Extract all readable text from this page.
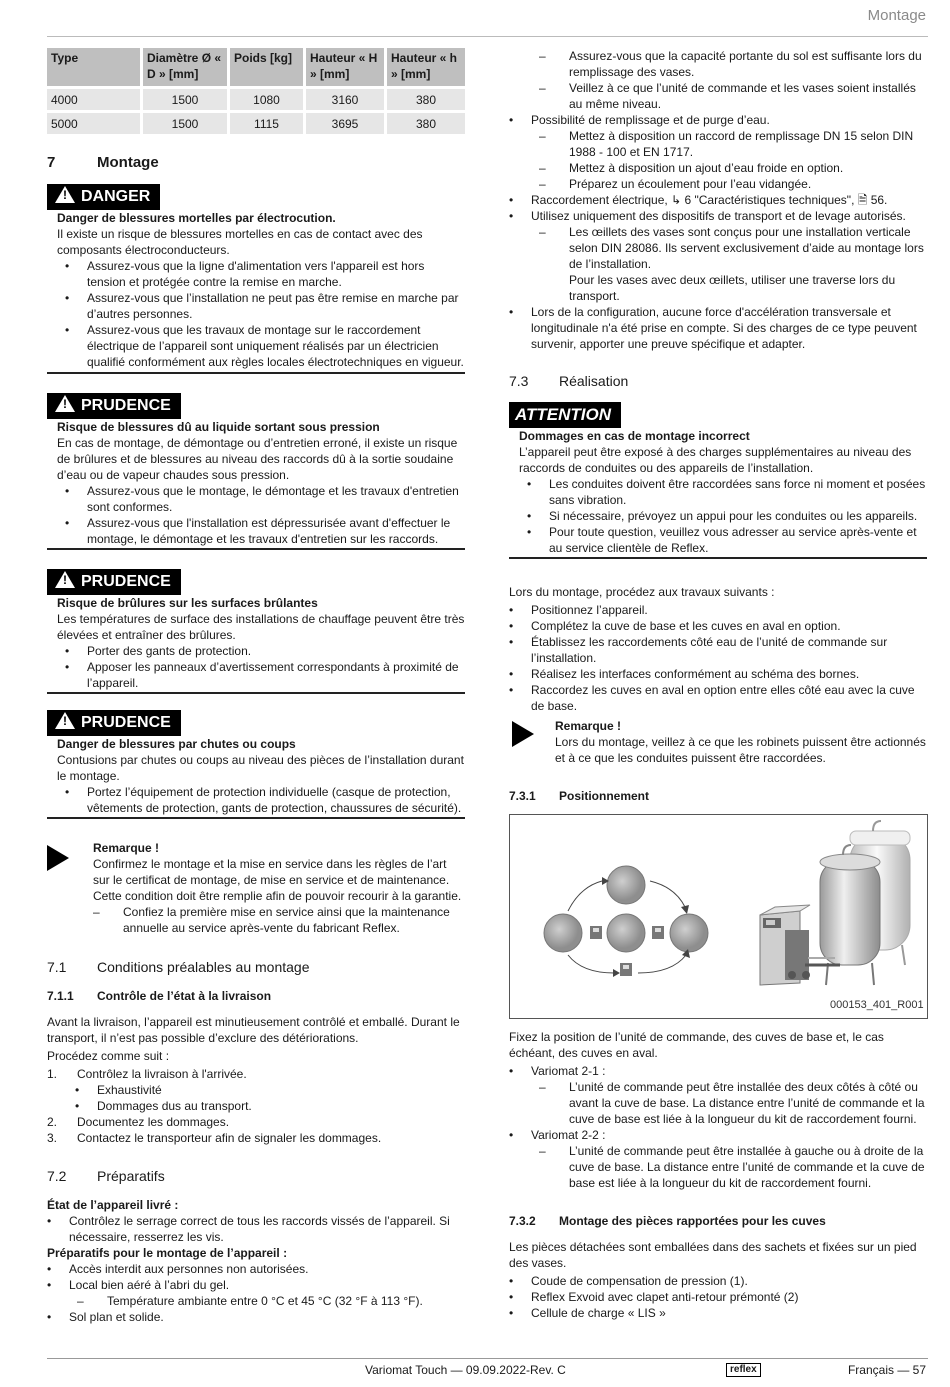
Montage
Type	Diamètre Ø « D » [mm]	Poids [kg]	Hauteur « H » [mm]	Hauteur « h » [mm]
4000	1500	1080	3160	380
5000	1500	1115	3695	380
7	Montage
! DANGER
Danger de blessures mortelles par électrocution.

Il existe un risque de blessures mortelles en cas de contact avec des composants électroconducteurs.

• Assurez-vous que la ligne d'alimentation vers l'appareil est hors tension et protégée contre la remise en marche.
• Assurez-vous que l’installation ne peut pas être remise en marche par d’autres personnes.
• Assurez-vous que les travaux de montage sur le raccordement électrique de l’appareil sont uniquement réalisés par un électricien qualifié conformément aux règles locales électrotechniques en vigueur.
! PRUDENCE
Risque de blessures dû au liquide sortant sous pression

En cas de montage, de démontage ou d’entretien erroné, il existe un risque de brûlures et de blessures au niveau des raccords dû à la sortie soudaine d’eau ou de vapeur chaudes sous pression.

• Assurez-vous que le montage, le démontage et les travaux d'entretien sont conformes.
• Assurez-vous que l'installation est dépressurisée avant d'effectuer le montage, le démontage et les travaux d'entretien sur les raccords.
! PRUDENCE
Risque de brûlures sur les surfaces brûlantes

Les températures de surface des installations de chauffage peuvent être très élevées et entraîner des brûlures.

• Porter des gants de protection.
• Apposer les panneaux d’avertissement correspondants à proximité de l’appareil.
! PRUDENCE
Danger de blessures par chutes ou coups

Contusions par chutes ou coups au niveau des pièces de l’installation durant le montage.

• Portez l’équipement de protection individuelle (casque de protection, vêtements de protection, gants de protection, chaussures de sécurité).
Remarque !

Confirmez le montage et la mise en service dans les règles de l’art sur le certificat de montage, de mise en service et de maintenance. Cette condition doit être remplie afin de pouvoir recourir à la garantie.

– Confiez la première mise en service ainsi que la maintenance annuelle au service après-vente du fabricant Reflex.
7.1 Conditions préalables au montage
7.1.1 Contrôle de l’état à la livraison

Avant la livraison, l’appareil est minutieusement contrôlé et emballé. Durant le transport, il n’est pas possible d’exclure des détériorations.

Procédez comme suit :

1. Contrôlez la livraison à l'arrivée.
• Exhaustivité
• Dommages dus au transport.
2. Documentez les dommages.
3. Contactez le transporteur afin de signaler les dommages.
7.2 Préparatifs
État de l’appareil livré :
• Contrôlez le serrage correct de tous les raccords vissés de l’appareil. Si nécessaire, resserrez les vis.
Préparatifs pour le montage de l’appareil :
• Accès interdit aux personnes non autorisées.
• Local bien aéré à l’abri du gel.
– Température ambiante entre 0 °C et 45 °C (32 °F à 113 °F).
• Sol plan et solide.
– Assurez-vous que la capacité portante du sol est suffisante lors du remplissage des vases.
– Veillez à ce que l’unité de commande et les vases soient installés au même niveau.
• Possibilité de remplissage et de purge d’eau.
– Mettez à disposition un raccord de remplissage DN 15 selon DIN 1988 - 100 et EN 1717.
– Mettez à disposition un ajout d’eau froide en option.
– Préparez un écoulement pour l’eau vidangée.
• Raccordement électrique, ↳ 6 "Caractéristiques techniques", 🗎 56.
• Utilisez uniquement des dispositifs de transport et de levage autorisés.
– Les œillets des vases sont conçus pour une installation verticale selon DIN 28086. Ils servent exclusivement d’aide au montage lors de l’installation.
Pour les vases avec deux œillets, utiliser une traverse lors du transport.
• Lors de la configuration, aucune force d'accélération transversale et longitudinale n'a été prise en compte. Si des charges de ce type peuvent survenir, apporter une preuve spécifique et adapter.
7.3 Réalisation
ATTENTION
Dommages en cas de montage incorrect

L’appareil peut être exposé à des charges supplémentaires au niveau des raccords de conduites ou des appareils de l’installation.

• Les conduites doivent être raccordées sans force ni moment et posées sans vibration.
• Si nécessaire, prévoyez un appui pour les conduites ou les appareils.
• Pour toute question, veuillez vous adresser au service après-vente et au service clientèle de Reflex.

Lors du montage, procédez aux travaux suivants :

• Positionnez l’appareil.
• Complétez la cuve de base et les cuves en aval en option.
• Établissez les raccordements côté eau de l’unité de commande sur l’installation.
• Réalisez les interfaces conformément au schéma des bornes.
• Raccordez les cuves en aval en option entre elles côté eau avec la cuve de base.
Remarque !

Lors du montage, veillez à ce que les robinets puissent être actionnés et à ce que les conduites puissent être raccordées.

7.3.1 Positionnement
000153_401_R001

Fixez la position de l’unité de commande, des cuves de base et, le cas échéant, des cuves en aval.

• Variomat 2-1 :
– L’unité de commande peut être installée des deux côtés à côté ou avant la cuve de base. La distance entre l’unité de commande et la cuve de base est liée à la longueur du kit de raccordement fourni.
• Variomat 2-2 :
– L’unité de commande peut être installée à gauche ou à droite de la cuve de base. La distance entre l’unité de commande et la cuve de base est liée à la longueur du kit de raccordement fourni.
7.3.2 Montage des pièces rapportées pour les cuves

Les pièces détachées sont emballées dans des sachets et fixées sur un pied des vases.

• Coude de compensation de pression (1).
• Reflex Exvoid avec clapet anti-retour prémonté (2)
• Cellule de charge « LIS »
Variomat Touch — 09.09.2022-Rev. C	reflex	Français — 57
